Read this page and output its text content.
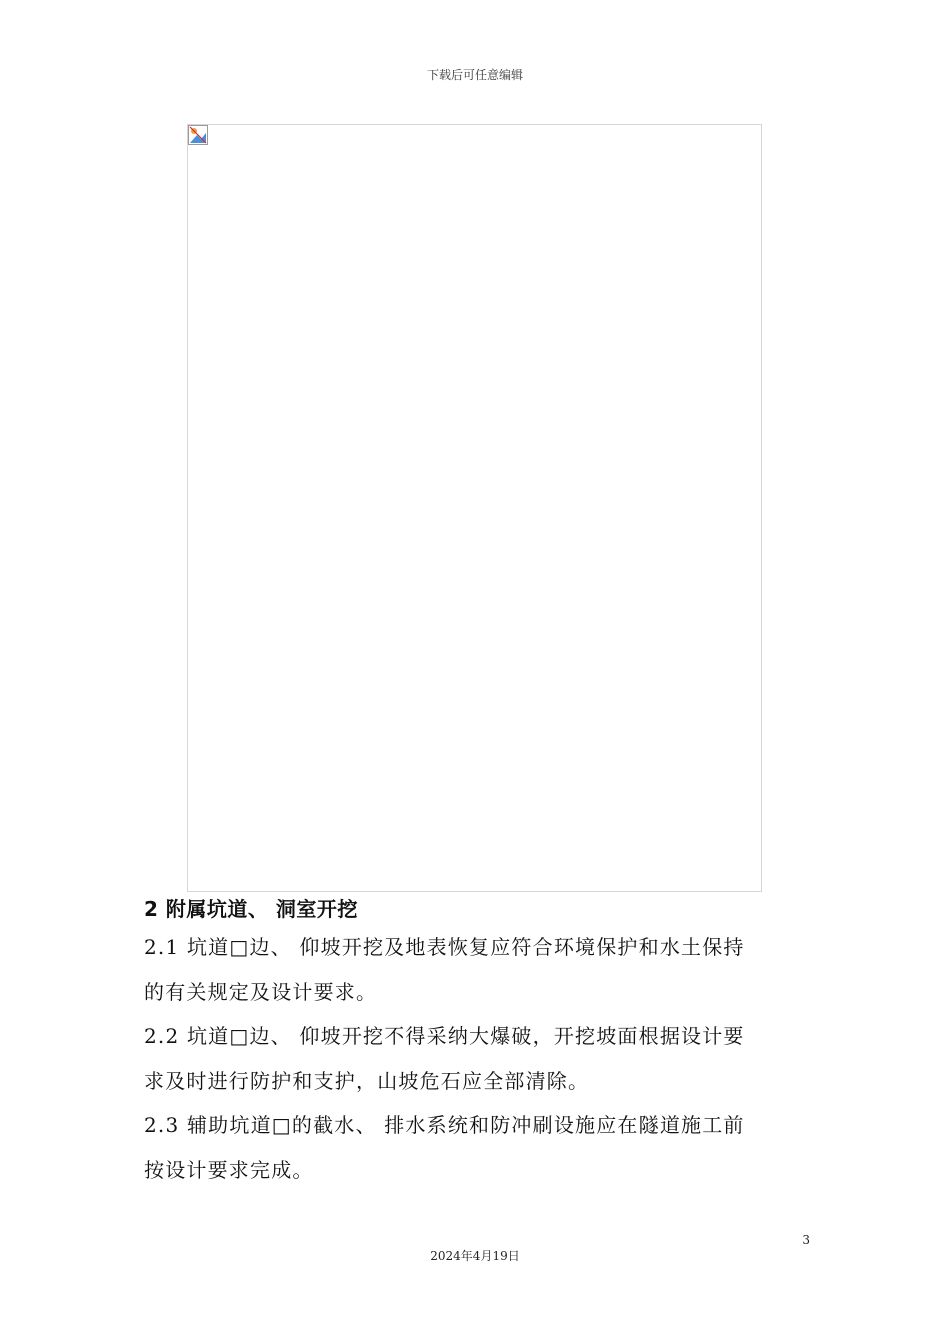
下载后可任意编辑

2 附属坑道、 洞室开挖

2.1 坑道□边、 仰坡开挖及地表恢复应符合环境保护和水土保持
的有关规定及设计要求。

2.2 坑道□边、 仰坡开挖不得采纳大爆破，开挖坡面根据设计要
求及时进行防护和支护，山坡危石应全部清除。

2.3 辅助坑道□的截水、 排水系统和防冲刷设施应在隧道施工前
按设计要求完成。

3
2024年4月19日
